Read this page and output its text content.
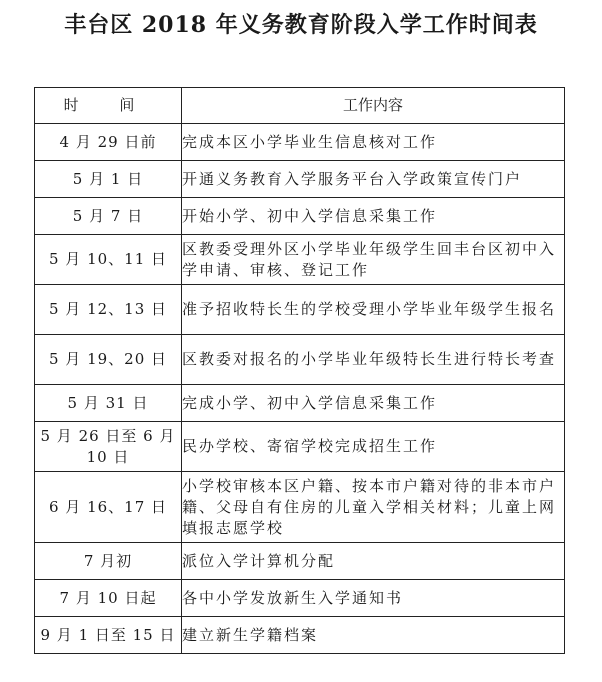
丰台区 2018 年义务教育阶段入学工作时间表
时 间	工作内容
4 月 29 日前	完成本区小学毕业生信息核对工作
5 月 1 日	开通义务教育入学服务平台入学政策宣传门户
5 月 7 日	开始小学、初中入学信息采集工作
5 月 10、11 日	区教委受理外区小学毕业年级学生回丰台区初中入学申请、审核、登记工作
5 月 12、13 日	准予招收特长生的学校受理小学毕业年级学生报名
5 月 19、20 日	区教委对报名的小学毕业年级特长生进行特长考查
5 月 31 日	完成小学、初中入学信息采集工作
5 月 26 日至 6 月 10 日	民办学校、寄宿学校完成招生工作
6 月 16、17 日	小学校审核本区户籍、按本市户籍对待的非本市户籍、父母自有住房的儿童入学相关材料；儿童上网填报志愿学校
7 月初	派位入学计算机分配
7 月 10 日起	各中小学发放新生入学通知书
9 月 1 日至 15 日	建立新生学籍档案
